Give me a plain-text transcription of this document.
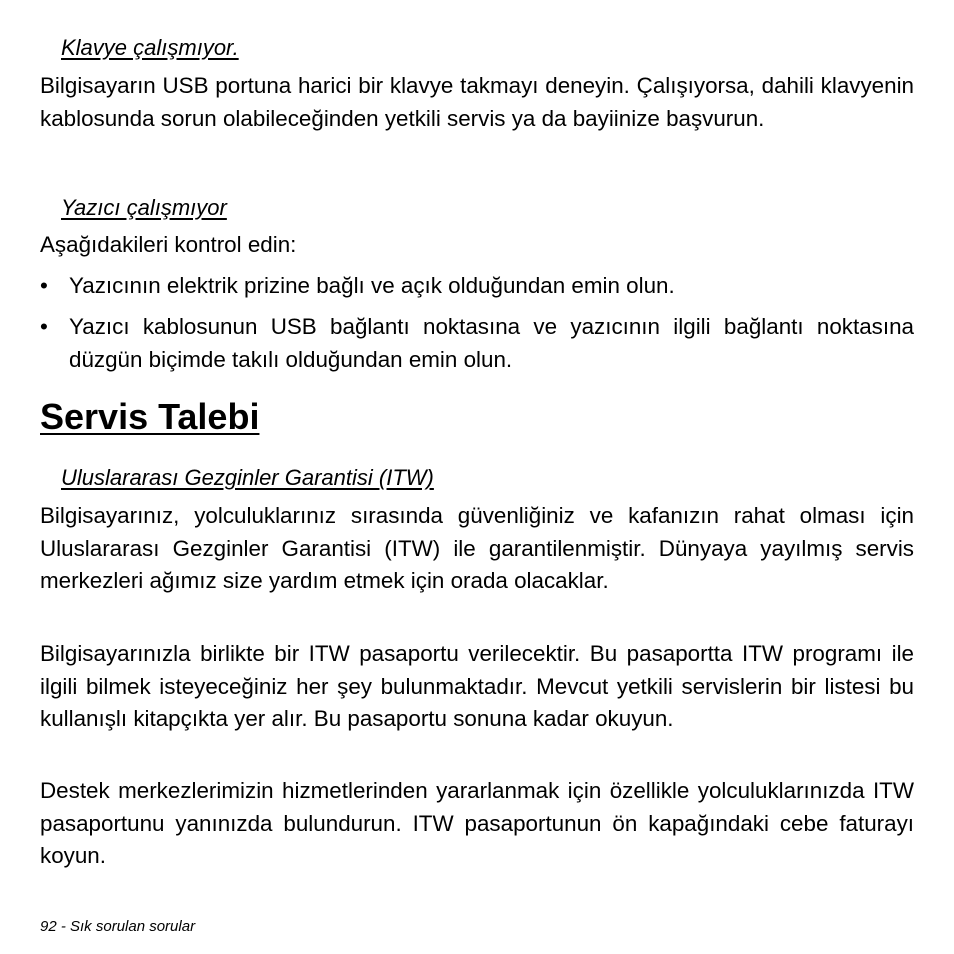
Klavye çalışmıyor.

Bilgisayarın USB portuna harici bir klavye takmayı deneyin. Çalışıyorsa, dahili klavyenin kablosunda sorun olabileceğinden yetkili servis ya da bayiinize başvurun.

Yazıcı çalışmıyor

Aşağıdakileri kontrol edin:

• Yazıcının elektrik prizine bağlı ve açık olduğundan emin olun.

• Yazıcı kablosunun USB bağlantı noktasına ve yazıcının ilgili bağlantı noktasına düzgün biçimde takılı olduğundan emin olun.

Servis Talebi
Uluslararası Gezginler Garantisi (ITW)

Bilgisayarınız, yolculuklarınız sırasında güvenliğiniz ve kafanızın rahat olması için Uluslararası Gezginler Garantisi (ITW) ile garantilenmiştir. Dünyaya yayılmış servis merkezleri ağımız size yardım etmek için orada olacaklar.

Bilgisayarınızla birlikte bir ITW pasaportu verilecektir. Bu pasaportta ITW programı ile ilgili bilmek isteyeceğiniz her şey bulunmaktadır. Mevcut yetkili servislerin bir listesi bu kullanışlı kitapçıkta yer alır. Bu pasaportu sonuna kadar okuyun.

Destek merkezlerimizin hizmetlerinden yararlanmak için özellikle yolculuklarınızda ITW pasaportunu yanınızda bulundurun. ITW pasaportunun ön kapağındaki cebe faturayı koyun.

92 - Sık sorulan sorular
